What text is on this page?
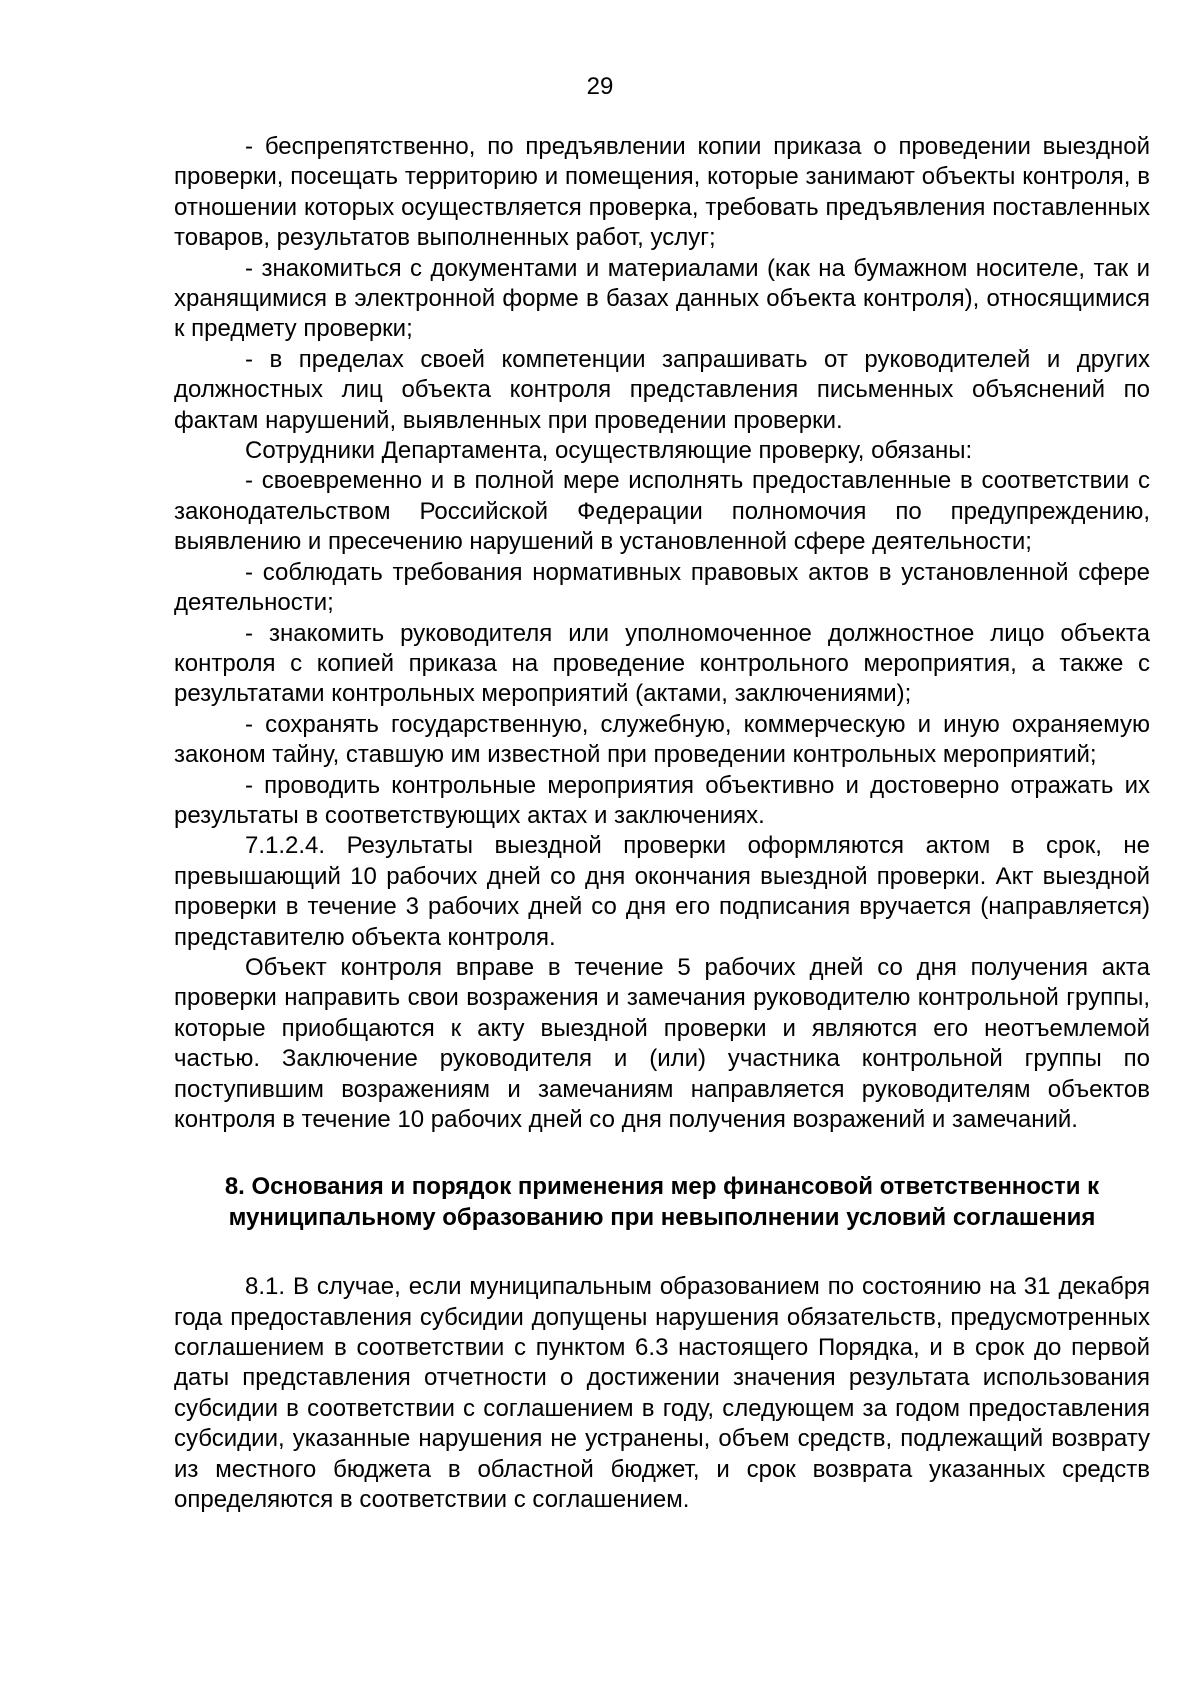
29

- беспрепятственно, по предъявлении копии приказа о проведении выездной проверки, посещать территорию и помещения, которые занимают объекты контроля, в отношении которых осуществляется проверка, требовать предъявления поставленных товаров, результатов выполненных работ, услуг;

- знакомиться с документами и материалами (как на бумажном носителе, так и хранящимися в электронной форме в базах данных объекта контроля), относящимися к предмету проверки;

- в пределах своей компетенции запрашивать от руководителей и других должностных лиц объекта контроля представления письменных объяснений по фактам нарушений, выявленных при проведении проверки.

Сотрудники Департамента, осуществляющие проверку, обязаны:

- своевременно и в полной мере исполнять предоставленные в соответствии с законодательством Российской Федерации полномочия по предупреждению, выявлению и пресечению нарушений в установленной сфере деятельности;

- соблюдать требования нормативных правовых актов в установленной сфере деятельности;

- знакомить руководителя или уполномоченное должностное лицо объекта контроля с копией приказа на проведение контрольного мероприятия, а также с результатами контрольных мероприятий (актами, заключениями);

- сохранять государственную, служебную, коммерческую и иную охраняемую законом тайну, ставшую им известной при проведении контрольных мероприятий;

- проводить контрольные мероприятия объективно и достоверно отражать их результаты в соответствующих актах и заключениях.

7.1.2.4. Результаты выездной проверки оформляются актом в срок, не превышающий 10 рабочих дней со дня окончания выездной проверки. Акт выездной проверки в течение 3 рабочих дней со дня его подписания вручается (направляется) представителю объекта контроля.

Объект контроля вправе в течение 5 рабочих дней со дня получения акта проверки направить свои возражения и замечания руководителю контрольной группы, которые приобщаются к акту выездной проверки и являются его неотъемлемой частью. Заключение руководителя и (или) участника контрольной группы по поступившим возражениям и замечаниям направляется руководителям объектов контроля в течение 10 рабочих дней со дня получения возражений и замечаний.

8. Основания и порядок применения мер финансовой ответственности к муниципальному образованию при невыполнении условий соглашения

8.1. В случае, если муниципальным образованием по состоянию на 31 декабря года предоставления субсидии допущены нарушения обязательств, предусмотренных соглашением в соответствии с пунктом 6.3 настоящего Порядка, и в срок до первой даты представления отчетности о достижении значения результата использования субсидии в соответствии с соглашением в году, следующем за годом предоставления субсидии, указанные нарушения не устранены, объем средств, подлежащий возврату из местного бюджета в областной бюджет, и срок возврата указанных средств определяются в соответствии с соглашением.
